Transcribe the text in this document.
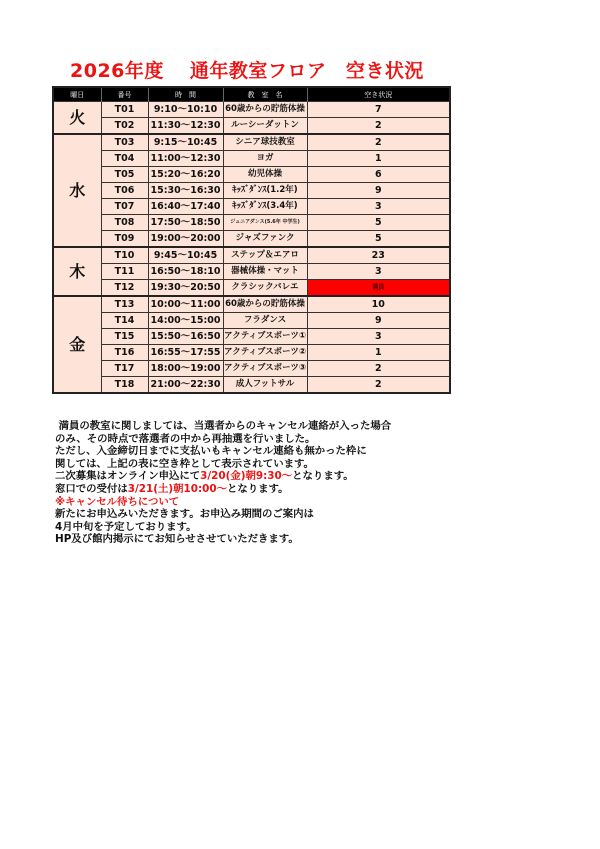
2026年度 通年教室フロア　空き状況
曜日	番号	時　間	教　室　名	空き状況
火	T01	9:10～10:10	60歳からの貯筋体操	7
	T02	11:30～12:30	ルーシーダットン	2
水	T03	9:15～10:45	シニア球技教室	2
	T04	11:00～12:30	ヨガ	1
	T05	15:20～16:20	幼児体操	6
	T06	15:30～16:30	ｷｯｽﾞﾀﾞﾝｽ(1.2年)	9
	T07	16:40～17:40	ｷｯｽﾞﾀﾞﾝｽ(3.4年)	3
	T08	17:50～18:50	ジュニアダンス(5.6年 中学生)	5
	T09	19:00～20:00	ジャズファンク	5
木	T10	9:45～10:45	ステップ＆エアロ	23
	T11	16:50～18:10	器械体操・マット	3
	T12	19:30～20:50	クラシックバレエ	満員
金	T13	10:00～11:00	60歳からの貯筋体操	10
	T14	14:00～15:00	フラダンス	9
	T15	15:50～16:50	アクティブスポーツ①	3
	T16	16:55～17:55	アクティブスポーツ②	1
	T17	18:00～19:00	アクティブスポーツ③	2
	T18	21:00～22:30	成人フットサル	2

満員の教室に関しましては、当選者からのキャンセル連絡が入った場合

のみ、その時点で落選者の中から再抽選を行いました。

ただし、入金締切日までに支払いもキャンセル連絡も無かった枠に

関しては、上記の表に空き枠として表示されています。

二次募集はオンライン申込にて3/20(金)朝9:30～となります。

窓口での受付は3/21(土)朝10:00～となります。

※キャンセル待ちについて

新たにお申込みいただきます。お申込み期間のご案内は

4月中旬を予定しております。

HP及び館内掲示にてお知らせさせていただきます。
